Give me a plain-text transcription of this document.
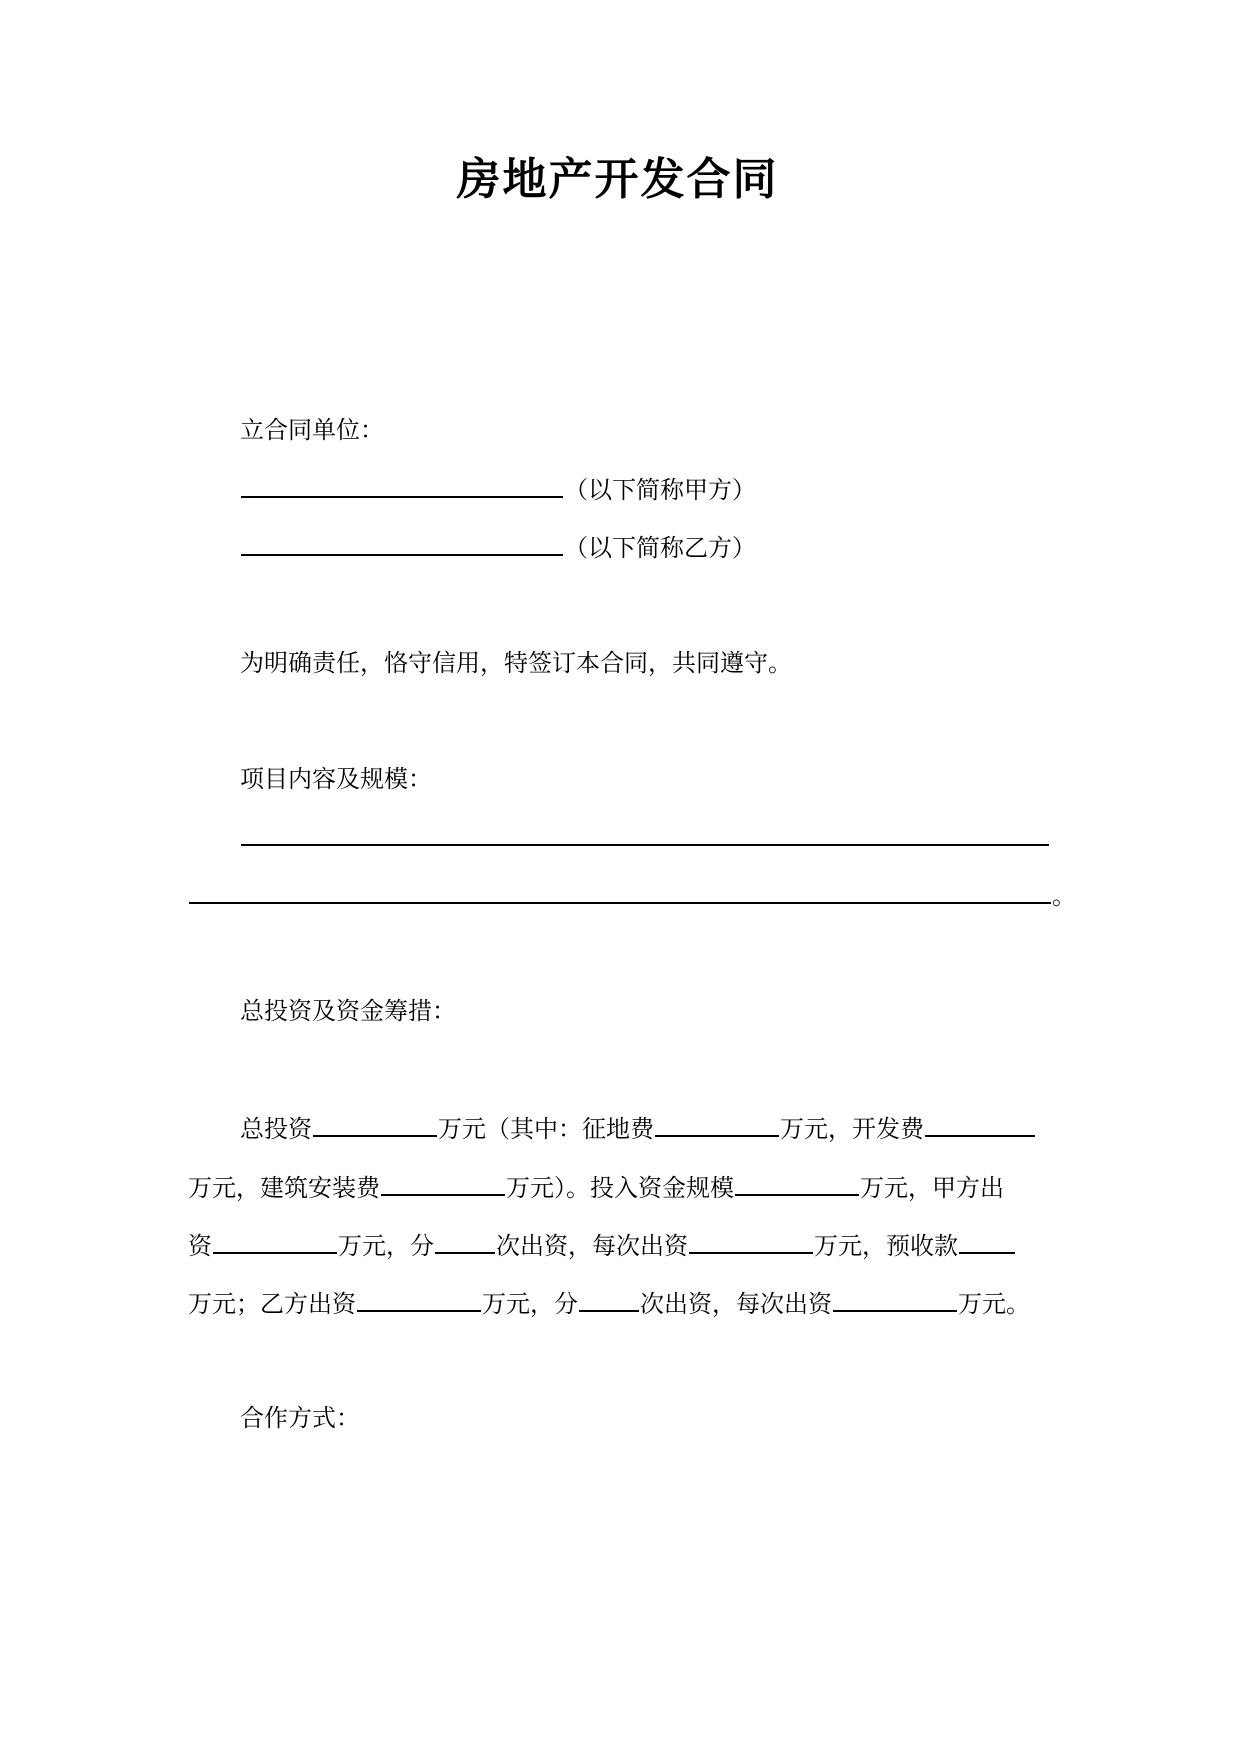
房地产开发合同
立合同单位：
（以下简称甲方）
（以下简称乙方）
为明确责任，恪守信用，特签订本合同，共同遵守。
项目内容及规模：
。
总投资及资金筹措：
总投资	万元（其中：征地费	万元，开发费
万元，建筑安装费	万元）。投入资金规模	万元，甲方出
资	万元，分	次出资，每次出资	万元，预收款
万元；乙方出资	万元，分	次出资，每次出资	万元。
合作方式：
